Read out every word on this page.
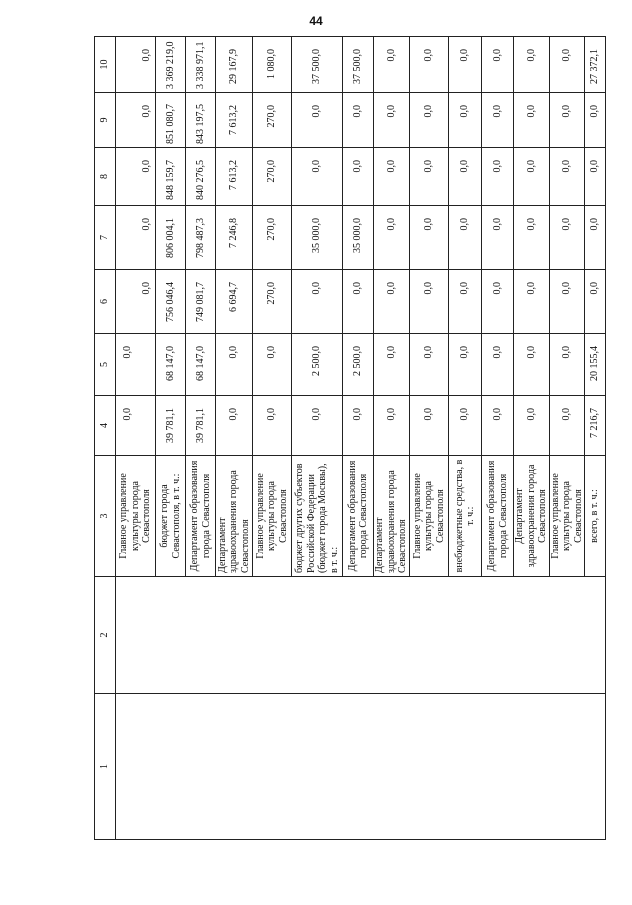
44
1	2	3	4	5	6	7	8	9	10
		Главное управление культуры города Севастополя	0,0	0,0	0,0	0,0	0,0	0,0	0,0
		бюджет города Севастополя, в т. ч.:	39 781,1	68 147,0	756 046,4	806 004,1	848 159,7	851 080,7	3 369 219,0
		Департамент образования города Севастополя	39 781,1	68 147,0	749 081,7	798 487,3	840 276,5	843 197,5	3 338 971,1
		Департамент здравоохранения города Севастополя	0,0	0,0	6 694,7	7 246,8	7 613,2	7 613,2	29 167,9
		Главное управление культуры города Севастополя	0,0	0,0	270,0	270,0	270,0	270,0	1 080,0
		бюджет других субъектов Российской Федерации (бюджет города Москвы), в т. ч.:	0,0	2 500,0	0,0	35 000,0	0,0	0,0	37 500,0
		Департамент образования города Севастополя	0,0	2 500,0	0,0	35 000,0	0,0	0,0	37 500,0
		Департамент здравоохранения города Севастополя	0,0	0,0	0,0	0,0	0,0	0,0	0,0
		Главное управление культуры города Севастополя	0,0	0,0	0,0	0,0	0,0	0,0	0,0
		внебюджетные средства, в т. ч.:	0,0	0,0	0,0	0,0	0,0	0,0	0,0
		Департамент образования города Севастополя	0,0	0,0	0,0	0,0	0,0	0,0	0,0
		Департамент здравоохранения города Севастополя	0,0	0,0	0,0	0,0	0,0	0,0	0,0
		Главное управление культуры города Севастополя	0,0	0,0	0,0	0,0	0,0	0,0	0,0
		всего, в т. ч.:	7 216,7	20 155,4	0,0	0,0	0,0	0,0	27 372,1
